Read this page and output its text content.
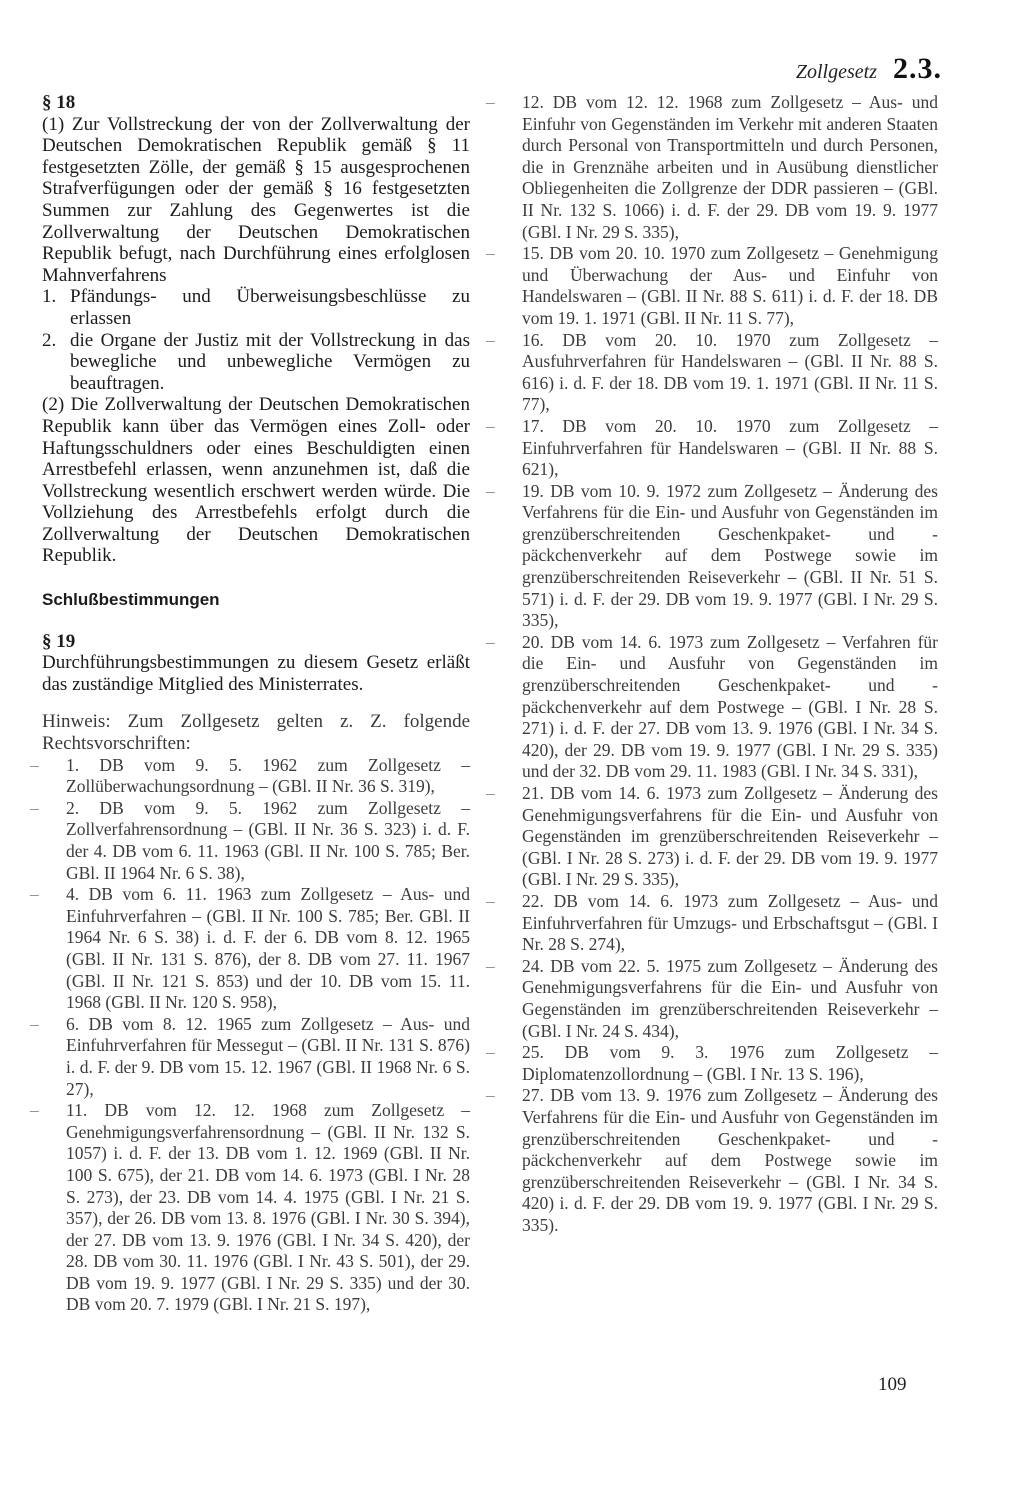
Zollgesetz 2.3.

§ 18

(1) Zur Vollstreckung der von der Zollverwaltung der Deutschen Demokratischen Republik gemäß § 11 festgesetzten Zölle, der gemäß § 15 ausgesprochenen Strafverfügungen oder der gemäß § 16 festgesetzten Summen zur Zahlung des Gegenwertes ist die Zollverwaltung der Deutschen Demokratischen Republik befugt, nach Durchführung eines erfolglosen Mahnverfahrens

1. Pfändungs- und Überweisungsbeschlüsse zu erlassen
2. die Organe der Justiz mit der Vollstreckung in das bewegliche und unbewegliche Vermögen zu beauftragen.

(2) Die Zollverwaltung der Deutschen Demokratischen Republik kann über das Vermögen eines Zoll- oder Haftungsschuldners oder eines Beschuldigten einen Arrestbefehl erlassen, wenn anzunehmen ist, daß die Vollstreckung wesentlich erschwert werden würde. Die Vollziehung des Arrestbefehls erfolgt durch die Zollverwaltung der Deutschen Demokratischen Republik.

Schlußbestimmungen

§ 19

Durchführungsbestimmungen zu diesem Gesetz erläßt das zuständige Mitglied des Ministerrates.

Hinweis: Zum Zollgesetz gelten z. Z. folgende Rechtsvorschriften:

– 1. DB vom 9. 5. 1962 zum Zollgesetz – Zollüberwachungsordnung – (GBl. II Nr. 36 S. 319),
– 2. DB vom 9. 5. 1962 zum Zollgesetz – Zollverfahrensordnung – (GBl. II Nr. 36 S. 323) i. d. F. der 4. DB vom 6. 11. 1963 (GBl. II Nr. 100 S. 785; Ber. GBl. II 1964 Nr. 6 S. 38),
– 4. DB vom 6. 11. 1963 zum Zollgesetz – Aus- und Einfuhrverfahren – (GBl. II Nr. 100 S. 785; Ber. GBl. II 1964 Nr. 6 S. 38) i. d. F. der 6. DB vom 8. 12. 1965 (GBl. II Nr. 131 S. 876), der 8. DB vom 27. 11. 1967 (GBl. II Nr. 121 S. 853) und der 10. DB vom 15. 11. 1968 (GBl. II Nr. 120 S. 958),
– 6. DB vom 8. 12. 1965 zum Zollgesetz – Aus- und Einfuhrverfahren für Messegut – (GBl. II Nr. 131 S. 876) i. d. F. der 9. DB vom 15. 12. 1967 (GBl. II 1968 Nr. 6 S. 27),
– 11. DB vom 12. 12. 1968 zum Zollgesetz – Genehmigungsverfahrensordnung – (GBl. II Nr. 132 S. 1057) i. d. F. der 13. DB vom 1. 12. 1969 (GBl. II Nr. 100 S. 675), der 21. DB vom 14. 6. 1973 (GBl. I Nr. 28 S. 273), der 23. DB vom 14. 4. 1975 (GBl. I Nr. 21 S. 357), der 26. DB vom 13. 8. 1976 (GBl. I Nr. 30 S. 394), der 27. DB vom 13. 9. 1976 (GBl. I Nr. 34 S. 420), der 28. DB vom 30. 11. 1976 (GBl. I Nr. 43 S. 501), der 29. DB vom 19. 9. 1977 (GBl. I Nr. 29 S. 335) und der 30. DB vom 20. 7. 1979 (GBl. I Nr. 21 S. 197),
– 12. DB vom 12. 12. 1968 zum Zollgesetz – Aus- und Einfuhr von Gegenständen im Verkehr mit anderen Staaten durch Personal von Transportmitteln und durch Personen, die in Grenznähe arbeiten und in Ausübung dienstlicher Obliegenheiten die Zollgrenze der DDR passieren – (GBl. II Nr. 132 S. 1066) i. d. F. der 29. DB vom 19. 9. 1977 (GBl. I Nr. 29 S. 335),
– 15. DB vom 20. 10. 1970 zum Zollgesetz – Genehmigung und Überwachung der Aus- und Einfuhr von Handelswaren – (GBl. II Nr. 88 S. 611) i. d. F. der 18. DB vom 19. 1. 1971 (GBl. II Nr. 11 S. 77),
– 16. DB vom 20. 10. 1970 zum Zollgesetz – Ausfuhrverfahren für Handelswaren – (GBl. II Nr. 88 S. 616) i. d. F. der 18. DB vom 19. 1. 1971 (GBl. II Nr. 11 S. 77),
– 17. DB vom 20. 10. 1970 zum Zollgesetz – Einfuhrverfahren für Handelswaren – (GBl. II Nr. 88 S. 621),
– 19. DB vom 10. 9. 1972 zum Zollgesetz – Änderung des Verfahrens für die Ein- und Ausfuhr von Gegenständen im grenzüberschreitenden Geschenkpaket- und -päckchenverkehr auf dem Postwege sowie im grenzüberschreitenden Reiseverkehr – (GBl. II Nr. 51 S. 571) i. d. F. der 29. DB vom 19. 9. 1977 (GBl. I Nr. 29 S. 335),
– 20. DB vom 14. 6. 1973 zum Zollgesetz – Verfahren für die Ein- und Ausfuhr von Gegenständen im grenzüberschreitenden Geschenkpaket- und -päckchenverkehr auf dem Postwege – (GBl. I Nr. 28 S. 271) i. d. F. der 27. DB vom 13. 9. 1976 (GBl. I Nr. 34 S. 420), der 29. DB vom 19. 9. 1977 (GBl. I Nr. 29 S. 335) und der 32. DB vom 29. 11. 1983 (GBl. I Nr. 34 S. 331),
– 21. DB vom 14. 6. 1973 zum Zollgesetz – Änderung des Genehmigungsverfahrens für die Ein- und Ausfuhr von Gegenständen im grenzüberschreitenden Reiseverkehr – (GBl. I Nr. 28 S. 273) i. d. F. der 29. DB vom 19. 9. 1977 (GBl. I Nr. 29 S. 335),
– 22. DB vom 14. 6. 1973 zum Zollgesetz – Aus- und Einfuhrverfahren für Umzugs- und Erbschaftsgut – (GBl. I Nr. 28 S. 274),
– 24. DB vom 22. 5. 1975 zum Zollgesetz – Änderung des Genehmigungsverfahrens für die Ein- und Ausfuhr von Gegenständen im grenzüberschreitenden Reiseverkehr – (GBl. I Nr. 24 S. 434),
– 25. DB vom 9. 3. 1976 zum Zollgesetz – Diplomatenzollordnung – (GBl. I Nr. 13 S. 196),
– 27. DB vom 13. 9. 1976 zum Zollgesetz – Änderung des Verfahrens für die Ein- und Ausfuhr von Gegenständen im grenzüberschreitenden Geschenkpaket- und -päckchenverkehr auf dem Postwege sowie im grenzüberschreitenden Reiseverkehr – (GBl. I Nr. 34 S. 420) i. d. F. der 29. DB vom 19. 9. 1977 (GBl. I Nr. 29 S. 335).
109
